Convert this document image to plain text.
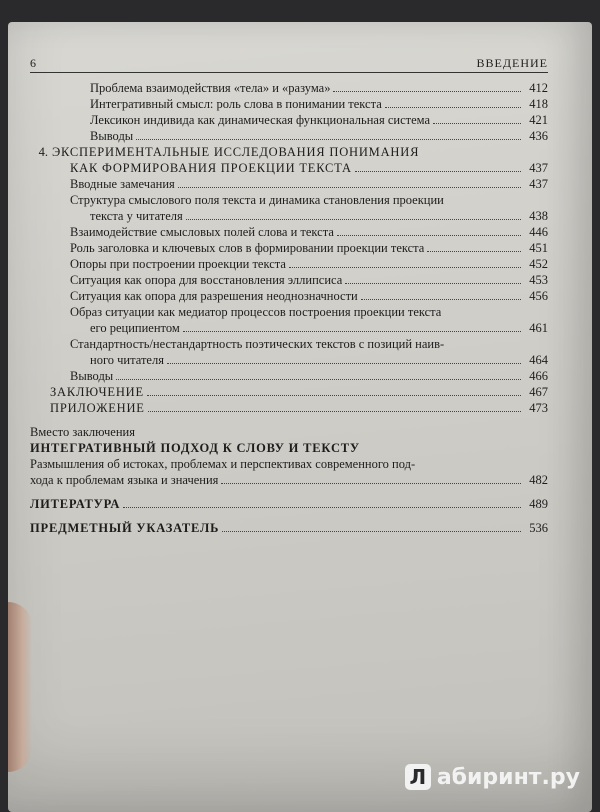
6	ВВЕДЕНИЕ
Проблема взаимодействия «тела» и «разума»	412
Интегративный смысл: роль слова в понимании текста	418
Лексикон индивида как динамическая функциональная система	421
Выводы	436
4. ЭКСПЕРИМЕНТАЛЬНЫЕ ИССЛЕДОВАНИЯ ПОНИМАНИЯ
КАК ФОРМИРОВАНИЯ ПРОЕКЦИИ ТЕКСТА	437
Вводные замечания	437
Структура смыслового поля текста и динамика становления проекции
текста у читателя	438
Взаимодействие смысловых полей слова и текста	446
Роль заголовка и ключевых слов в формировании проекции текста	451
Опоры при построении проекции текста	452
Ситуация как опора для восстановления эллипсиса	453
Ситуация как опора для разрешения неоднозначности	456
Образ ситуации как медиатор процессов построения проекции текста
его реципиентом	461
Стандартность/нестандартность поэтических текстов с позиций наив-
ного читателя	464
Выводы	466
ЗАКЛЮЧЕНИЕ	467
ПРИЛОЖЕНИЕ	473
Вместо заключения
ИНТЕГРАТИВНЫЙ ПОДХОД К СЛОВУ И ТЕКСТУ
Размышления об истоках, проблемах и перспективах современного под-
хода к проблемам языка и значения	482
ЛИТЕРАТУРА	489
ПРЕДМЕТНЫЙ УКАЗАТЕЛЬ	536
Л абиринт.ру
